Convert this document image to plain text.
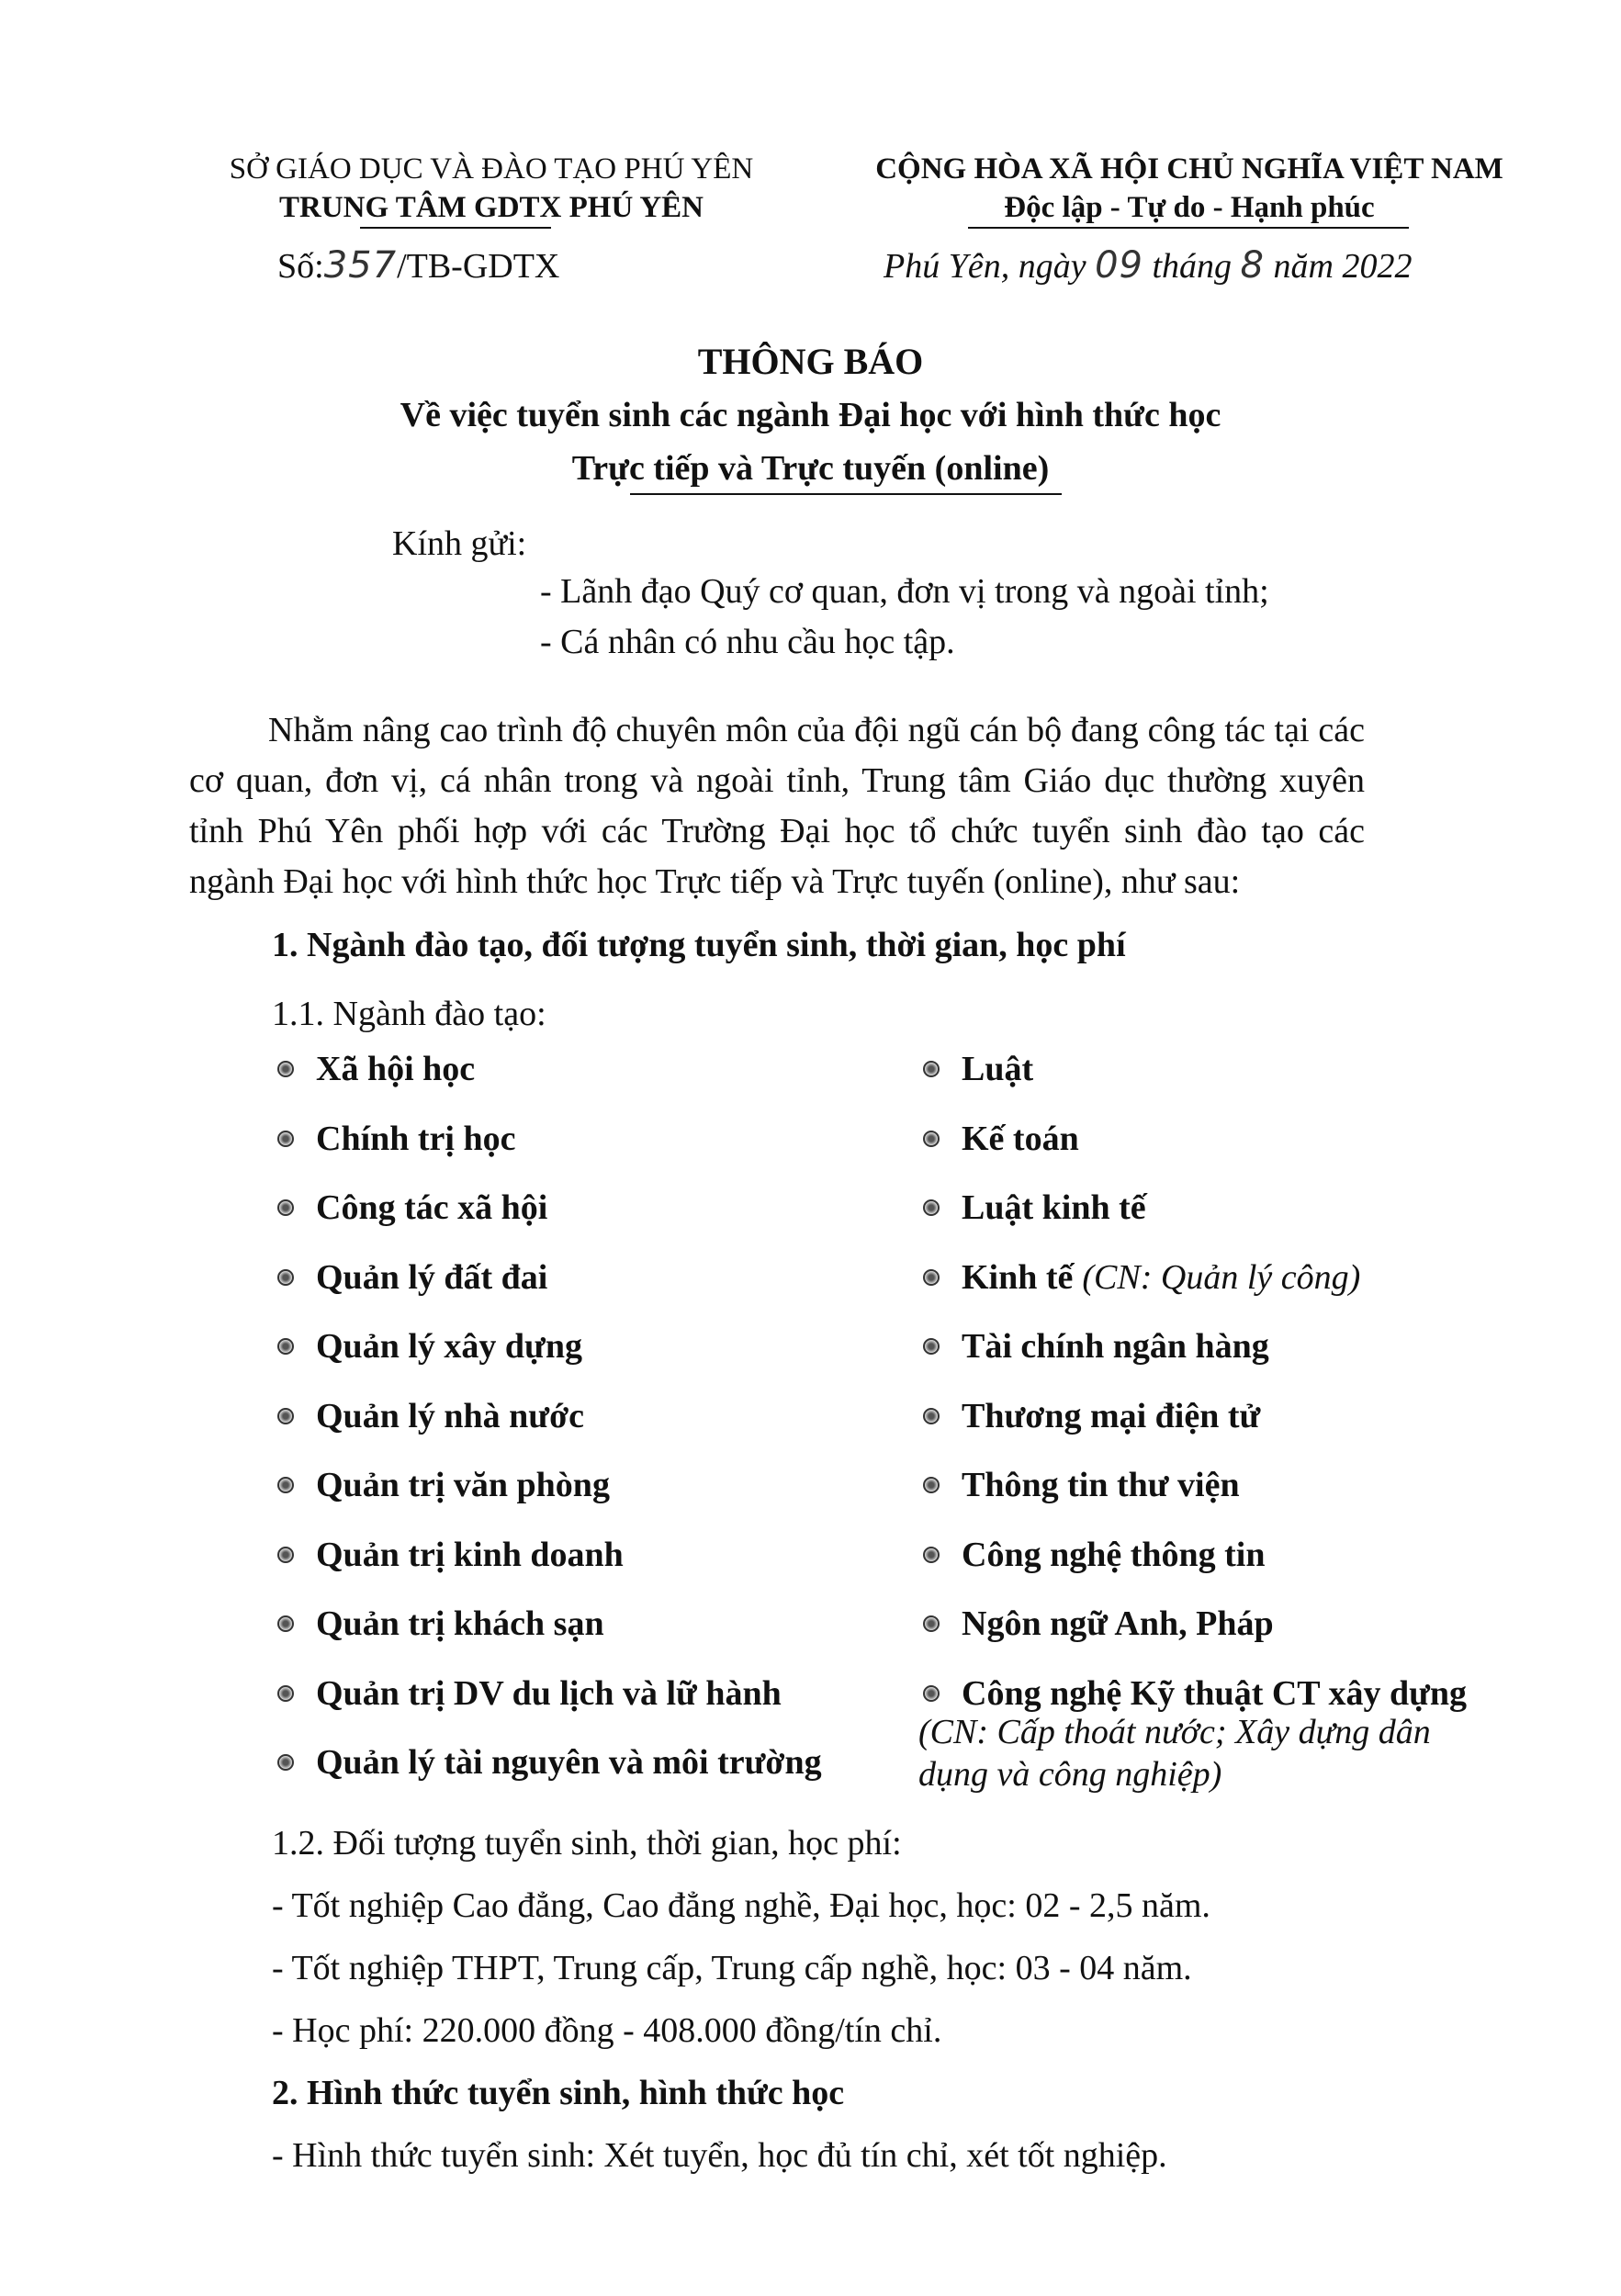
SỞ GIÁO DỤC VÀ ĐÀO TẠO PHÚ YÊN
TRUNG TÂM GDTX PHÚ YÊN
Số:357/TB-GDTX
CỘNG HÒA XÃ HỘI CHỦ NGHĨA VIỆT NAM
Độc lập - Tự do - Hạnh phúc
Phú Yên, ngày 09 tháng 8 năm 2022
THÔNG BÁO
Về việc tuyển sinh các ngành Đại học với hình thức học
Trực tiếp và Trực tuyến (online)
Kính gửi:
- Lãnh đạo Quý cơ quan, đơn vị trong và ngoài tỉnh;
- Cá nhân có nhu cầu học tập.
Nhằm nâng cao trình độ chuyên môn của đội ngũ cán bộ đang công tác tại các cơ quan, đơn vị, cá nhân trong và ngoài tỉnh, Trung tâm Giáo dục thường xuyên tỉnh Phú Yên phối hợp với các Trường Đại học tổ chức tuyển sinh đào tạo các ngành Đại học với hình thức học Trực tiếp và Trực tuyến (online), như sau:
1. Ngành đào tạo, đối tượng tuyển sinh, thời gian, học phí
1.1. Ngành đào tạo:
Xã hội học
Chính trị học
Công tác xã hội
Quản lý đất đai
Quản lý xây dựng
Quản lý nhà nước
Quản trị văn phòng
Quản trị kinh doanh
Quản trị khách sạn
Quản trị DV du lịch và lữ hành
Quản lý tài nguyên và môi trường
Luật
Kế toán
Luật kinh tế
Kinh tế (CN: Quản lý công)
Tài chính ngân hàng
Thương mại điện tử
Thông tin thư viện
Công nghệ thông tin
Ngôn ngữ Anh, Pháp
Công nghệ Kỹ thuật CT xây dựng
(CN: Cấp thoát nước; Xây dựng dân
dụng và công nghiệp)
1.2. Đối tượng tuyển sinh, thời gian, học phí:
- Tốt nghiệp Cao đẳng, Cao đẳng nghề, Đại học, học: 02 - 2,5 năm.
- Tốt nghiệp THPT, Trung cấp, Trung cấp nghề, học: 03 - 04 năm.
- Học phí: 220.000 đồng - 408.000 đồng/tín chỉ.
2. Hình thức tuyển sinh, hình thức học
- Hình thức tuyển sinh: Xét tuyển, học đủ tín chỉ, xét tốt nghiệp.
